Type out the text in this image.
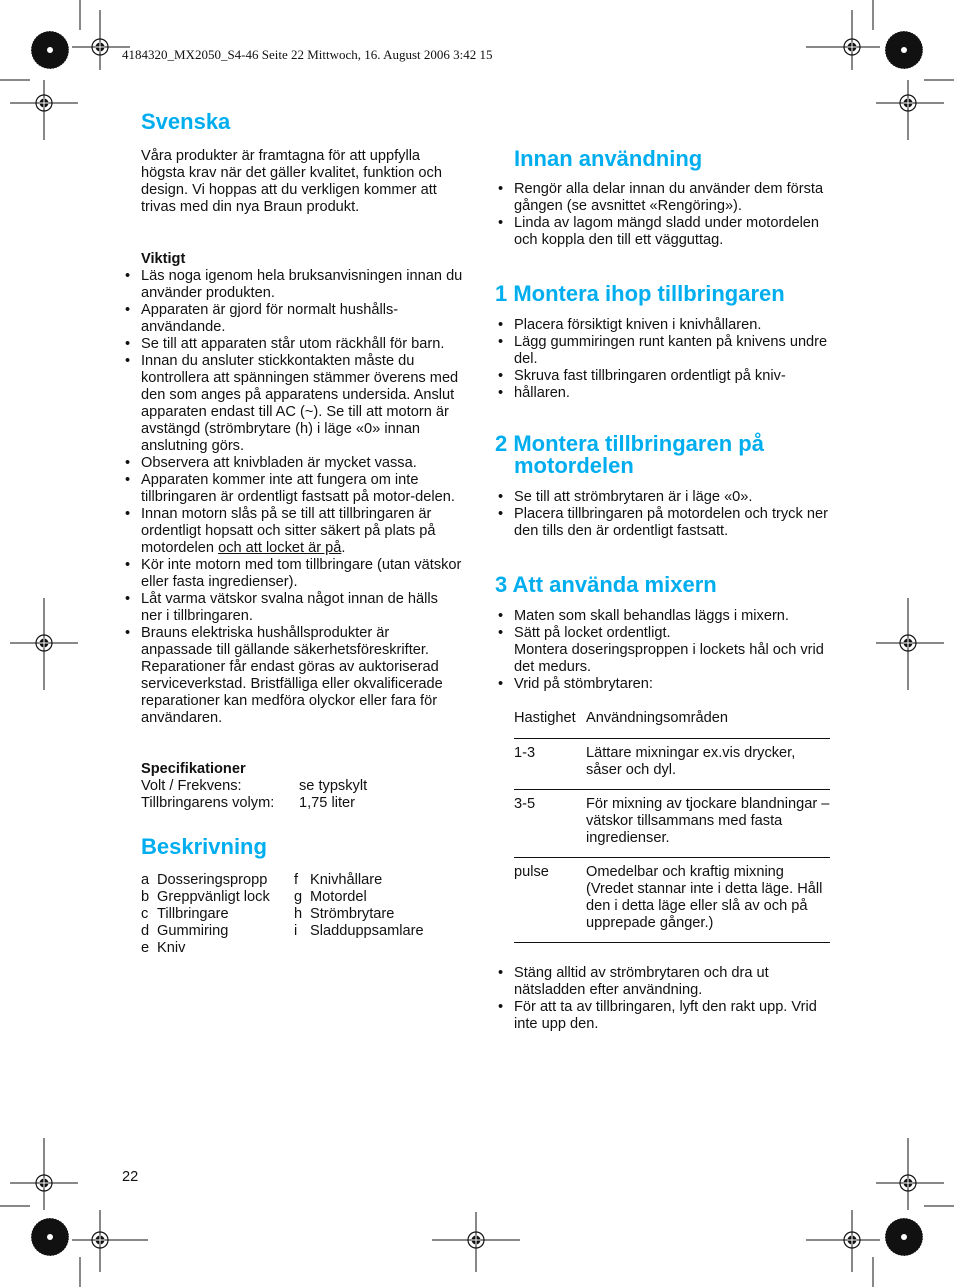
4184320_MX2050_S4-46 Seite 22 Mittwoch, 16. August 2006 3:42 15
Svenska

Våra produkter är framtagna för att uppfylla högsta krav när det gäller kvalitet, funktion och design. Vi hoppas att du verkligen kommer att trivas med din nya Braun produkt.

Viktigt

• Läs noga igenom hela bruksanvisningen innan du använder produkten.
• Apparaten är gjord för normalt hushålls-användande.
• Se till att apparaten står utom räckhåll för barn.
• Innan du ansluter stickkontakten måste du kontrollera att spänningen stämmer överens med den som anges på apparatens undersida. Anslut apparaten endast till AC (~). Se till att motorn är avstängd (strömbrytare (h) i läge «0» innan anslutning görs.
• Observera att knivbladen är mycket vassa.
• Apparaten kommer inte att fungera om inte tillbringaren är ordentligt fastsatt på motor-delen.
• Innan motorn slås på se till att tillbringaren är ordentligt hopsatt och sitter säkert på plats på motordelen och att locket är på.
• Kör inte motorn med tom tillbringare (utan vätskor eller fasta ingredienser).
• Låt varma vätskor svalna något innan de hälls ner i tillbringaren.
• Brauns elektriska hushållsprodukter är anpassade till gällande säkerhetsföreskrifter. Reparationer får endast göras av auktoriserad serviceverkstad. Bristfälliga eller okvalificerade reparationer kan medföra olyckor eller fara för användaren.

Specifikationer

Volt / Frekvens:	se typskylt
Tillbringarens volym:	1,75 liter
Beskrivning
a Dosseringspropp
b Greppvänligt lock
c Tillbringare
d Gummiring
e Kniv
f Knivhållare
g Motordel
h Strömbrytare
i Sladduppsamlare
Innan användning
• Rengör alla delar innan du använder dem första gången (se avsnittet «Rengöring»).
• Linda av lagom mängd sladd under motordelen och koppla den till ett vägguttag.
1 Montera ihop tillbringaren
• Placera försiktigt kniven i knivhållaren.
• Lägg gummiringen runt kanten på knivens undre del.
• Skruva fast tillbringaren ordentligt på kniv-
• hållaren.
2 Montera tillbringaren på motordelen
• Se till att strömbrytaren är i läge «0».
• Placera tillbringaren på motordelen och tryck ner den tills den är ordentligt fastsatt.
3 Att använda mixern
• Maten som skall behandlas läggs i mixern.
• Sätt på locket ordentligt.
Montera doseringsproppen i lockets hål och vrid det medurs.
• Vrid på stömbrytaren:
Hastighet Användningsområden
1-3	Lättare mixningar ex.vis drycker, såser och dyl.
3-5	För mixning av tjockare blandningar – vätskor tillsammans med fasta ingredienser.
pulse	Omedelbar och kraftig mixning (Vredet stannar inte i detta läge. Håll den i detta läge eller slå av och på upprepade gånger.)
• Stäng alltid av strömbrytaren och dra ut nätsladden efter användning.
• För att ta av tillbringaren, lyft den rakt upp. Vrid inte upp den.
22
